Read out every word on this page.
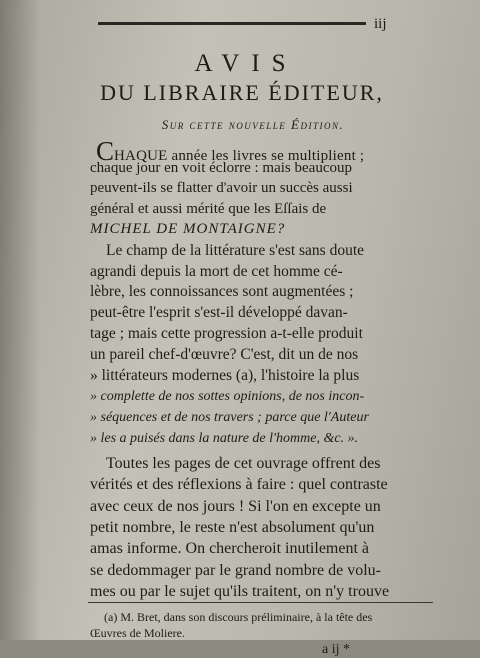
iij
AVIS
DU LIBRAIRE ÉDITEUR,
Sur cette nouvelle Édition.
CHAQUE année les livres se multiplient ;
chaque jour en voit éclorre : mais beaucoup
peuvent-ils se flatter d'avoir un succès aussi
général et aussi mérité que les Eſſais de
MICHEL DE MONTAIGNE?
Le champ de la littérature s'est sans doute
agrandi depuis la mort de cet homme cé-
lèbre, les connoissances sont augmentées ;
peut-être l'esprit s'est-il développé davan-
tage ; mais cette progression a-t-elle produit
un pareil chef-d'œuvre? C'est, dit un de nos
» littérateurs modernes (a), l'histoire la plus
» complette de nos sottes opinions, de nos incon-
» séquences et de nos travers ; parce que l'Auteur
» les a puisés dans la nature de l'homme, &c. ».
Toutes les pages de cet ouvrage offrent des
vérités et des réflexions à faire : quel contraste
avec ceux de nos jours ! Si l'on en excepte un
petit nombre, le reste n'est absolument qu'un
amas informe. On chercheroit inutilement à
(a) M. Bret, dans son discours préliminaire, à la tête des
Œuvres de Moliere.
a ij *
se dedommager par le grand nombre de volu-
mes ou par le sujet qu'ils traitent, on n'y trouve
